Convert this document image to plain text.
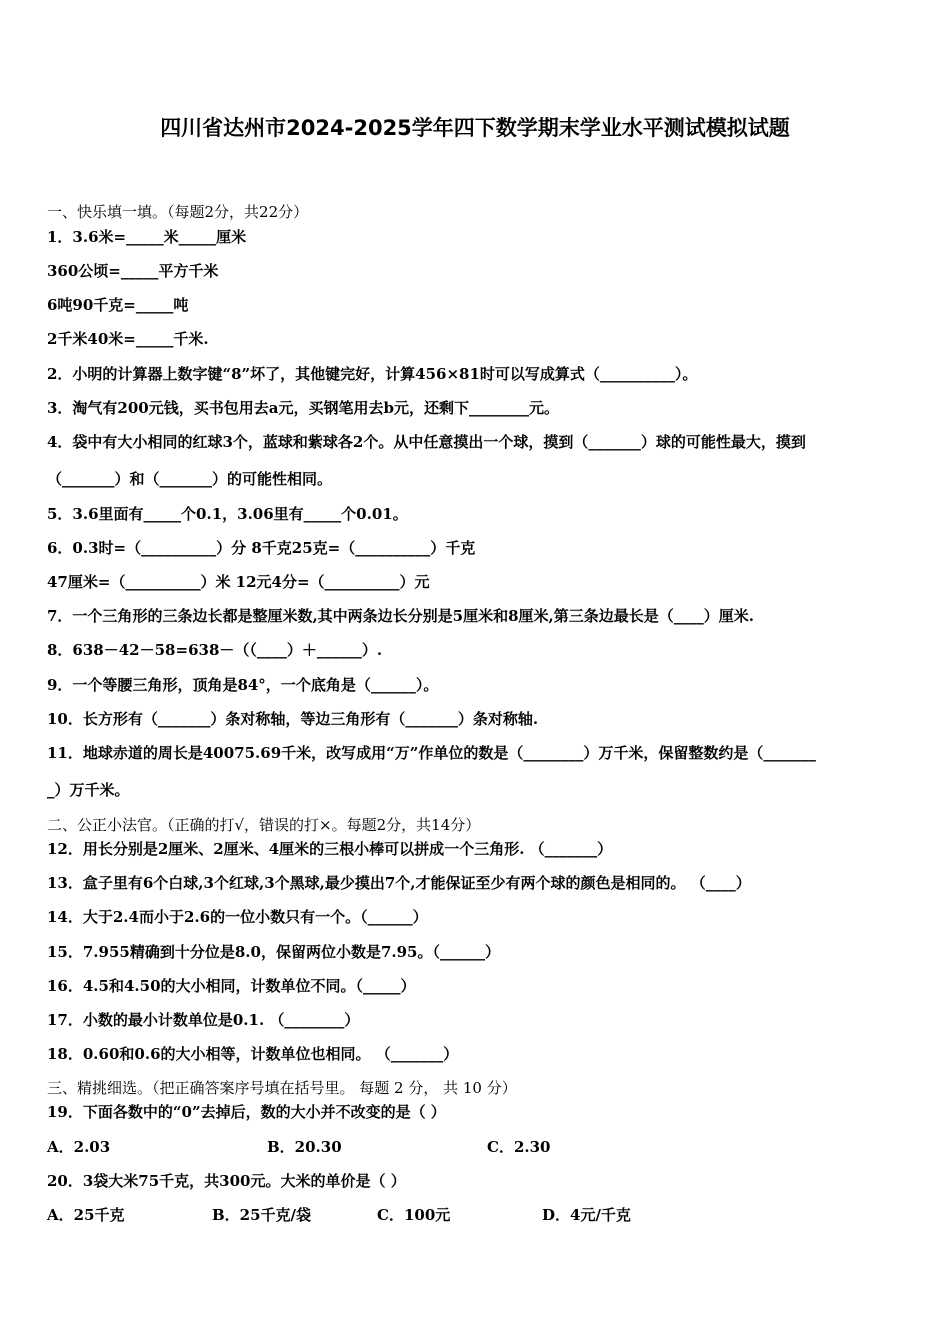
四川省达州市2024-2025学年四下数学期末学业水平测试模拟试题
一、快乐填一填。（每题2分，共22分）
1．3.6米=_____米_____厘米
360公顷=_____平方千米
6吨90千克=_____吨
2千米40米=_____千米.
2．小明的计算器上数字键“8”坏了，其他键完好，计算456×81时可以写成算式（__________）。
3．淘气有200元钱，买书包用去a元，买钢笔用去b元，还剩下________元。
4．袋中有大小相同的红球3个，蓝球和紫球各2个。从中任意摸出一个球，摸到（_______）球的可能性最大，摸到
（_______）和（_______）的可能性相同。
5．3.6里面有_____个0.1，3.06里有_____个0.01。
6．0.3时=（__________）分 8千克25克=（__________）千克
47厘米=（__________）米 12元4分=（__________）元
7．一个三角形的三条边长都是整厘米数,其中两条边长分别是5厘米和8厘米,第三条边最长是（____）厘米.
8．638－42－58=638－（（____）＋______）.
9．一个等腰三角形，顶角是84°，一个底角是（______）。
10．长方形有（_______）条对称轴，等边三角形有（_______）条对称轴.
11．地球赤道的周长是40075.69千米，改写成用“万”作单位的数是（________）万千米，保留整数约是（_______
_）万千米。
二、公正小法官。（正确的打√，错误的打×。每题2分，共14分）
12．用长分别是2厘米、2厘米、4厘米的三根小棒可以拼成一个三角形. （_______）
13．盒子里有6个白球,3个红球,3个黑球,最少摸出7个,才能保证至少有两个球的颜色是相同的。 （____）
14．大于2.4而小于2.6的一位小数只有一个。（______）
15．7.955精确到十分位是8.0，保留两位小数是7.95。（______）
16．4.5和4.50的大小相同，计数单位不同。（_____）
17．小数的最小计数单位是0.1. （________）
18．0.60和0.6的大小相等，计数单位也相同。 （_______）
三、精挑细选。（把正确答案序号填在括号里。 每题 2 分， 共 10 分）
19．下面各数中的“0”去掉后，数的大小并不改变的是（ ）
A．2.03	B．20.30	C．2.30
20．3袋大米75千克，共300元。大米的单价是（ ）
A．25千克	B．25千克/袋	C．100元	D．4元/千克
